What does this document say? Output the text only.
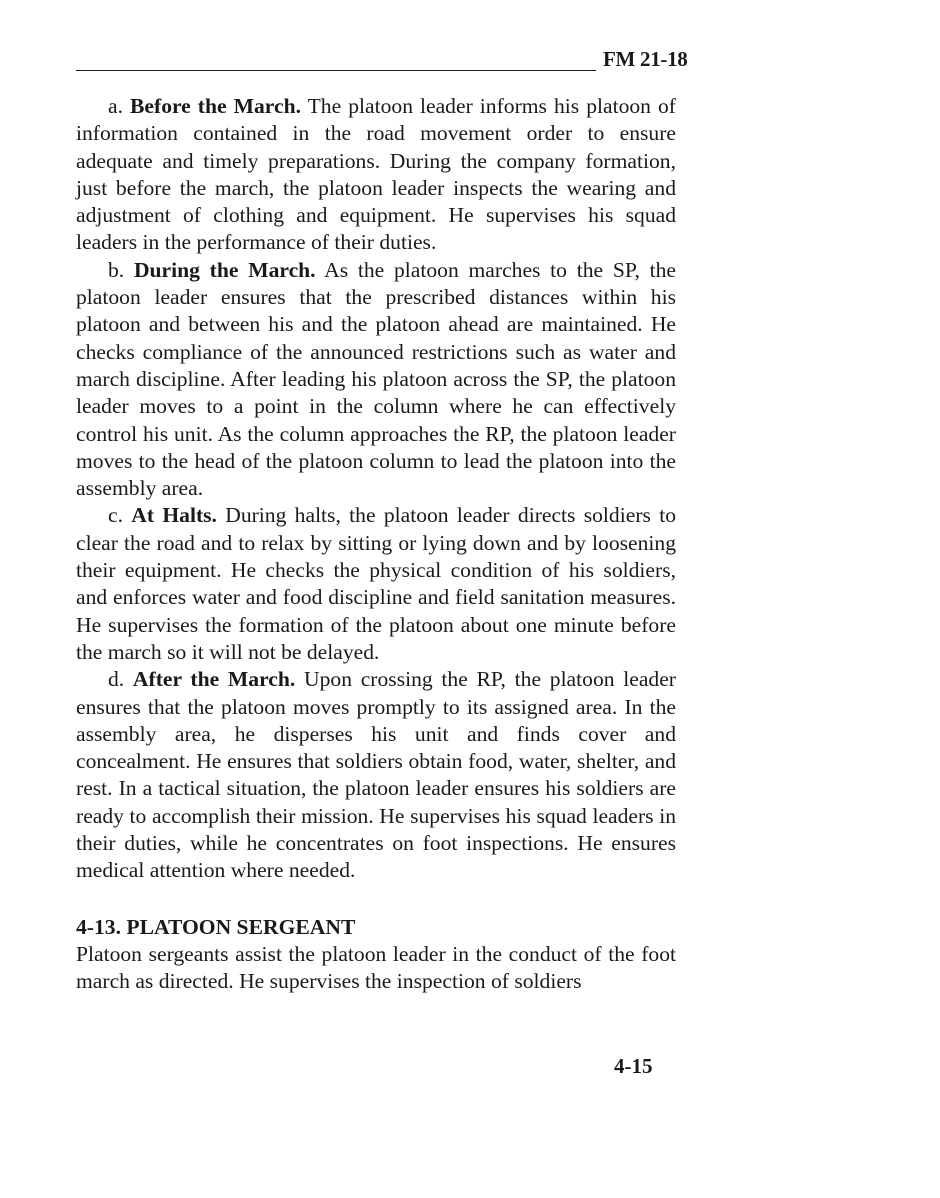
FM 21-18

a. Before the March. The platoon leader informs his platoon of information contained in the road movement order to ensure adequate and timely preparations. During the company formation, just before the march, the platoon leader inspects the wearing and adjustment of clothing and equipment. He supervises his squad leaders in the performance of their duties.

b. During the March. As the platoon marches to the SP, the platoon leader ensures that the prescribed distances within his platoon and between his and the platoon ahead are maintained. He checks compliance of the announced restrictions such as water and march discipline. After leading his platoon across the SP, the platoon leader moves to a point in the column where he can effectively control his unit. As the column approaches the RP, the platoon leader moves to the head of the platoon column to lead the platoon into the assembly area.

c. At Halts. During halts, the platoon leader directs soldiers to clear the road and to relax by sitting or lying down and by loosening their equipment. He checks the physical condition of his soldiers, and enforces water and food discipline and field sanitation measures. He supervises the formation of the platoon about one minute before the march so it will not be delayed.

d. After the March. Upon crossing the RP, the platoon leader ensures that the platoon moves promptly to its assigned area. In the assembly area, he disperses his unit and finds cover and concealment. He ensures that soldiers obtain food, water, shelter, and rest. In a tactical situation, the platoon leader ensures his soldiers are ready to accomplish their mission. He supervises his squad leaders in their duties, while he concentrates on foot inspections. He ensures medical attention where needed.

4-13. PLATOON SERGEANT

Platoon sergeants assist the platoon leader in the conduct of the foot march as directed. He supervises the inspection of soldiers

4-15
